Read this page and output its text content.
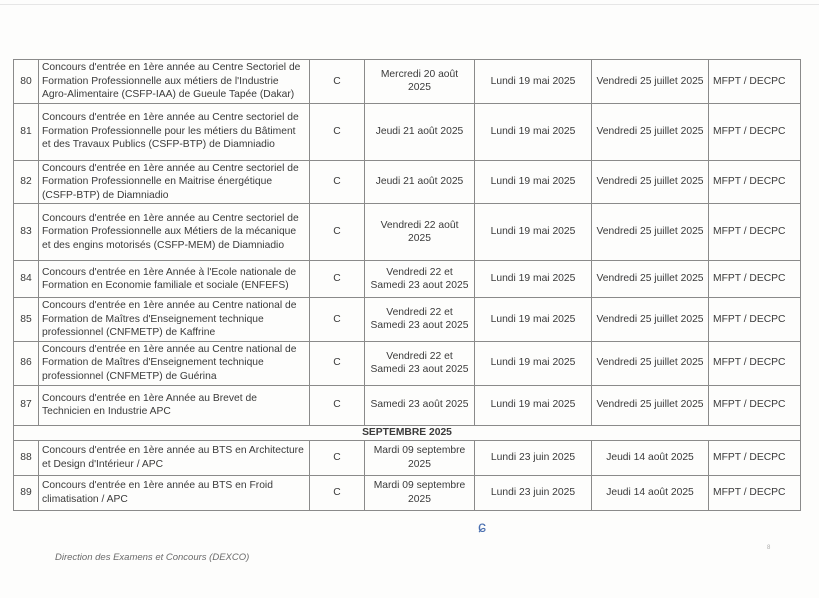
80	Concours d'entrée en 1ère année au Centre Sectoriel de Formation Professionnelle aux métiers de l'Industrie Agro-Alimentaire (CSFP-IAA) de Gueule Tapée (Dakar)	C	Mercredi 20 août 2025	Lundi 19 mai 2025	Vendredi 25 juillet 2025	MFPT / DECPC
81	Concours d'entrée en 1ère année au Centre sectoriel de Formation Professionnelle pour les métiers du Bâtiment et des Travaux Publics (CSFP-BTP) de Diamniadio	C	Jeudi 21 août 2025	Lundi 19 mai 2025	Vendredi 25 juillet 2025	MFPT / DECPC
82	Concours d'entrée en 1ère année au Centre sectoriel de Formation Professionnelle en Maitrise énergétique (CSFP-BTP) de Diamniadio	C	Jeudi 21 août 2025	Lundi 19 mai 2025	Vendredi 25 juillet 2025	MFPT / DECPC
83	Concours d'entrée en 1ère année au Centre sectoriel de Formation Professionnelle aux Métiers de la mécanique et des engins motorisés (CSFP-MEM) de Diamniadio	C	Vendredi 22 août 2025	Lundi 19 mai 2025	Vendredi 25 juillet 2025	MFPT / DECPC
84	Concours d'entrée en 1ère Année à l'Ecole nationale de Formation en Economie familiale et sociale (ENFEFS)	C	Vendredi 22 et Samedi 23 aout 2025	Lundi 19 mai 2025	Vendredi 25 juillet 2025	MFPT / DECPC
85	Concours d'entrée en 1ère année au Centre national de Formation de Maîtres d'Enseignement technique professionnel (CNFMETP) de Kaffrine	C	Vendredi 22 et Samedi 23 aout 2025	Lundi 19 mai 2025	Vendredi 25 juillet 2025	MFPT / DECPC
86	Concours d'entrée en 1ère année au Centre national de Formation de Maîtres d'Enseignement technique professionnel (CNFMETP) de Guérina	C	Vendredi 22 et Samedi 23 aout 2025	Lundi 19 mai 2025	Vendredi 25 juillet 2025	MFPT / DECPC
87	Concours d'entrée en 1ère Année au Brevet de Technicien en Industrie APC	C	Samedi 23 août 2025	Lundi 19 mai 2025	Vendredi 25 juillet 2025	MFPT / DECPC
SEPTEMBRE 2025						
88	Concours d'entrée en 1ère année au BTS en Architecture et Design d'Intérieur / APC	C	Mardi 09 septembre 2025	Lundi 23 juin 2025	Jeudi 14 août 2025	MFPT / DECPC
89	Concours d'entrée en 1ère année au BTS en Froid climatisation / APC	C	Mardi 09 septembre 2025	Lundi 23 juin 2025	Jeudi 14 août 2025	MFPT / DECPC
ɕ
8
Direction des Examens et Concours (DEXCO)
